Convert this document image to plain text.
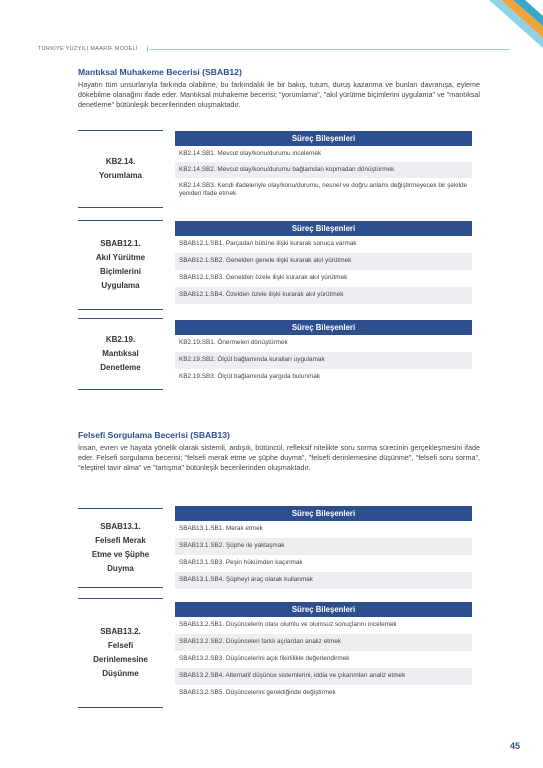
TÜRKİYE YÜZYILI MAARİF MODELİ
Mantıksal Muhakeme Becerisi (SBAB12)
Hayatın tüm unsurlarıyla farkında olabilme, bu farkındalık ile bir bakış, tutum, duruş kazanma ve bunları davranışa, eyleme dökebilme olanağını ifade eder. Mantıksal muhakeme becerisi; "yorumlama", "akıl yürütme biçimlerini uygulama" ve "mantıksal denetleme" bütünleşik becerilerinden oluşmaktadır.
KB2.14.
Yorumlama
Süreç Bileşenleri
KB2.14.SB1. Mevcut olay/konu/durumu incelemek
KB2.14.SB2. Mevcut olay/konu/durumu bağlamdan kopmadan dönüştürmek
KB2.14.SB3. Kendi ifadeleriyle olay/konu/durumu, nesnel ve doğru anlamı değiştirmeyecek bir şekilde yeniden ifade etmek
SBAB12.1.
Akıl Yürütme Biçimlerini Uygulama
Süreç Bileşenleri
SBAB12.1.SB1. Parçadan bütüne ilişki kurarak sonuca varmak
SBAB12.1.SB2. Genelden genele ilişki kurarak akıl yürütmek
SBAB12.1.SB3. Genelden özele ilişki kurarak akıl yürütmek
SBAB12.1.SB4. Özelden özele ilişki kurarak akıl yürütmek
KB2.19.
Mantıksal Denetleme
Süreç Bileşenleri
KB2.19.SB1. Önermeleri dönüştürmek
KB2.19.SB2. Ölçüt bağlamında kuralları uygulamak
KB2.19.SB3. Ölçüt bağlamında yargıda bulunmak
Felsefi Sorgulama Becerisi (SBAB13)
İnsan, evren ve hayata yönelik olarak sistemli, ardışık, bütüncül, refleksif nitelikte soru sorma sürecinin gerçekleşmesini ifade eder. Felsefi sorgulama becerisi; "felsefi merak etme ve şüphe duyma", "felsefi derinlemesine düşünme", "felsefi soru sorma", "eleştirel tavır alma" ve "tartışma" bütünleşik becerilerinden oluşmaktadır.
SBAB13.1.
Felsefi Merak Etme ve Şüphe Duyma
Süreç Bileşenleri
SBAB13.1.SB1. Merak etmek
SBAB13.1.SB2. Şüphe ile yaklaşmak
SBAB13.1.SB3. Peşin hükümden kaçınmak
SBAB13.1.SB4. Şüpheyi araç olarak kullanmak
SBAB13.2.
Felsefi Derinlemesine Düşünme
Süreç Bileşenleri
SBAB13.2.SB1. Düşüncelerin olası olumlu ve olumsuz sonuçlarını incelemek
SBAB13.2.SB2. Düşünceleri farklı açılardan analiz etmek
SBAB13.2.SB3. Düşüncelerini açık fikirlilikle değerlendirmek
SBAB13.2.SB4. Alternatif düşünce sistemlerini, iddia ve çıkarımları analiz etmek
SBAB13.2.SB5. Düşüncelerini gerektiğinde değiştirmek
45
